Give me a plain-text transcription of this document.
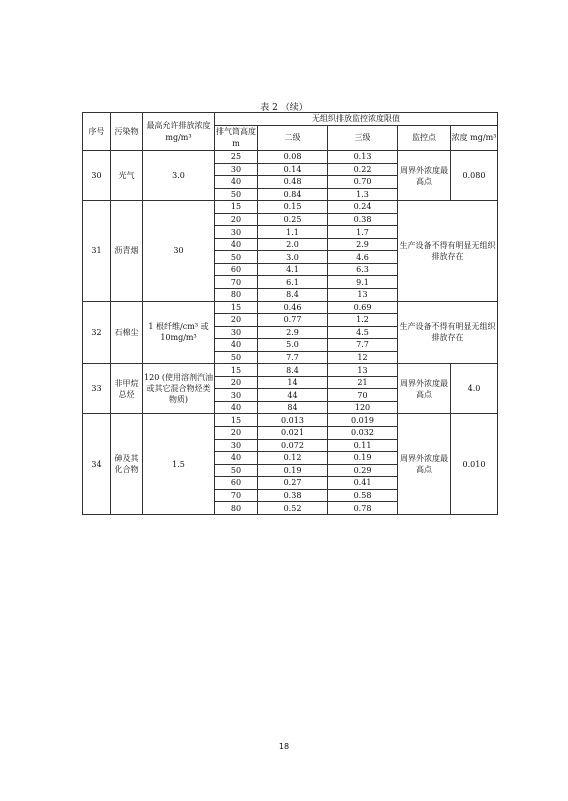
表 2 （续）
序号	污染物	最高允许排放浓度 mg/m³	无组织排放监控浓度限值				
			排气筒高度 m	二级	三级	监控点	浓度 mg/m³
30	光气	3.0	25	0.08	0.13	周界外浓度最高点	0.080
			30	0.14	0.22		
			40	0.48	0.70		
			50	0.84	1.3		
31	沥青烟	30	15	0.15	0.24	生产设备不得有明显无组织排放存在	
			20	0.25	0.38		
			30	1.1	1.7		
			40	2.0	2.9		
			50	3.0	4.6		
			60	4.1	6.3		
			70	6.1	9.1		
			80	8.4	13		
32	石棉尘	1 根纤维/cm³ 或 10mg/m³	15	0.46	0.69	生产设备不得有明显无组织排放存在	
			20	0.77	1.2		
			30	2.9	4.5		
			40	5.0	7.7		
			50	7.7	12		
33	非甲烷总烃	120 (使用溶剂汽油或其它混合物烃类物质)	15	8.4	13	周界外浓度最高点	4.0
			20	14	21		
			30	44	70		
			40	84	120		
34	砷及其化合物	1.5	15	0.013	0.019	周界外浓度最高点	0.010
			20	0.021	0.032		
			30	0.072	0.11		
			40	0.12	0.19		
			50	0.19	0.29		
			60	0.27	0.41		
			70	0.38	0.58		
			80	0.52	0.78		
18
